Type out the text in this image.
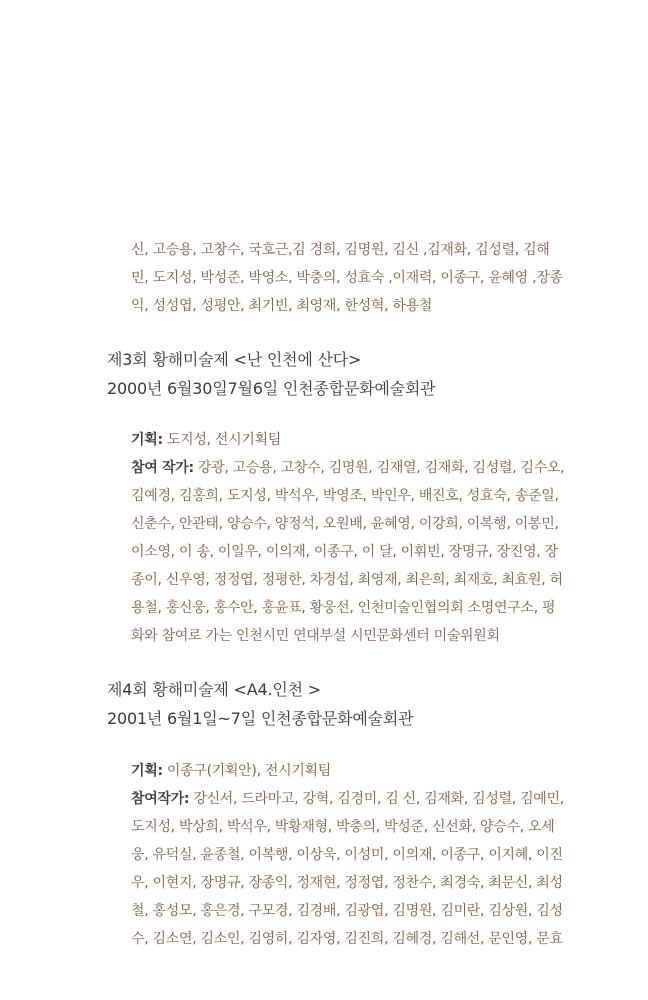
신, 고승용, 고창수, 국호근,김 경희, 김명원, 김신 ,김재화, 김성렬, 김해

민, 도지성, 박성준, 박영소, 박충의, 성효숙 ,이재력, 이종구, 윤혜영 ,장종

익, 성성엽, 성평안, 최기빈, 최영재, 한성혁, 하용철

제3회 황해미술제 <난 인천에 산다>

2000년 6월30일7월6일 인천종합문화예술회관

기획: 도지성, 선시기획팀

참여 작가: 강광, 고승용, 고창수, 김명원, 김재열, 김재화, 김성렬, 김수오,

김예경, 김홍희, 도지성, 박석우, 박영조, 박인우, 배진호, 성효숙, 송준일,

신춘수, 안관태, 양승수, 양정석, 오원배, 윤혜영, 이강희, 이복행, 이봉민,

이소영, 이 송, 이일우, 이의재, 이종구, 이 달, 이휘빈, 장명규, 장진영, 장

종이, 신우영, 정정엽, 정평한, 차경섭, 최영재, 최은희, 최재호, 최효원, 허

용철, 홍신웅, 홍수안, 홍윤표, 황웅선, 인천미술인협의회 소명연구소, 평

화와 참여로 가는 인천시민 연대부설 시민문화센터 미술위원회

제4회 황해미술제 <A4.인천 >

2001년 6월1일~7일 인천종합문화예술회관

기획: 이종구(기획안), 전시기획팀

참여작가: 강신서, 드라마고, 강혁, 김경미, 김 신, 김재화, 김성렬, 김예민,

도지성, 박상희, 박석우, 박황재형, 박충의, 박성준, 신선화, 양승수, 오세

웅, 유덕실, 윤종철, 이복행, 이상욱, 이성미, 이의재, 이종구, 이지혜, 이진

우, 이현지, 장명규, 장종익, 정재현, 정정엽, 정찬수, 최경숙, 최문신, 최성

철, 홍성모, 홍은경, 구모경, 김경배, 김광엽, 김명원, 김미란, 김상원, 김성

수, 김소연, 김소인, 김영히, 김자영, 김진희, 김혜경, 김해선, 문인영, 문효
